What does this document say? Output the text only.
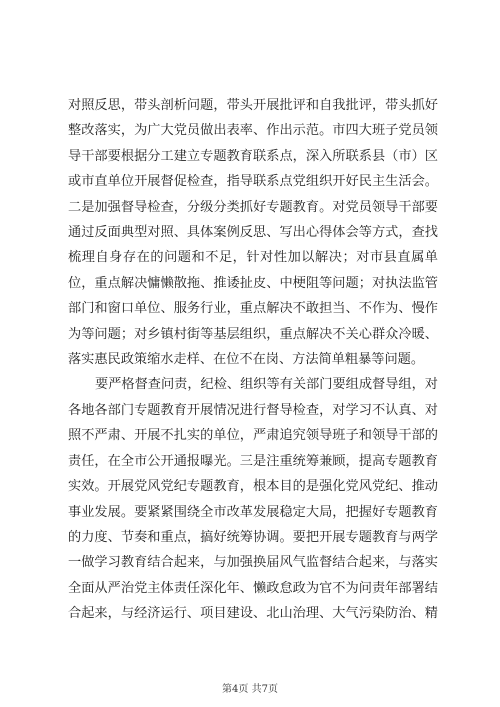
对照反思，带头剖析问题，带头开展批评和自我批评，带头抓好整改落实，为广大党员做出表率、作出示范。市四大班子党员领导干部要根据分工建立专题教育联系点，深入所联系县（市）区或市直单位开展督促检查，指导联系点党组织开好民主生活会。二是加强督导检查，分级分类抓好专题教育。对党员领导干部要通过反面典型对照、具体案例反思、写出心得体会等方式，查找梳理自身存在的问题和不足，针对性加以解决；对市县直属单位，重点解决慵懒散拖、推诿扯皮、中梗阻等问题；对执法监管部门和窗口单位、服务行业，重点解决不敢担当、不作为、慢作为等问题；对乡镇村街等基层组织，重点解决不关心群众冷暖、落实惠民政策缩水走样、在位不在岗、方法简单粗暴等问题。

要严格督查问责，纪检、组织等有关部门要组成督导组，对各地各部门专题教育开展情况进行督导检查，对学习不认真、对照不严肃、开展不扎实的单位，严肃追究领导班子和领导干部的责任，在全市公开通报曝光。三是注重统筹兼顾，提高专题教育实效。开展党风党纪专题教育，根本目的是强化党风党纪、推动事业发展。要紧紧围绕全市改革发展稳定大局，把握好专题教育的力度、节奏和重点，搞好统筹协调。要把开展专题教育与两学一做学习教育结合起来，与加强换届风气监督结合起来，与落实全面从严治党主体责任深化年、懒政怠政为官不为问责年部署结合起来，与经济运行、项目建设、北山治理、大气污染防治、精

第4页 共7页
